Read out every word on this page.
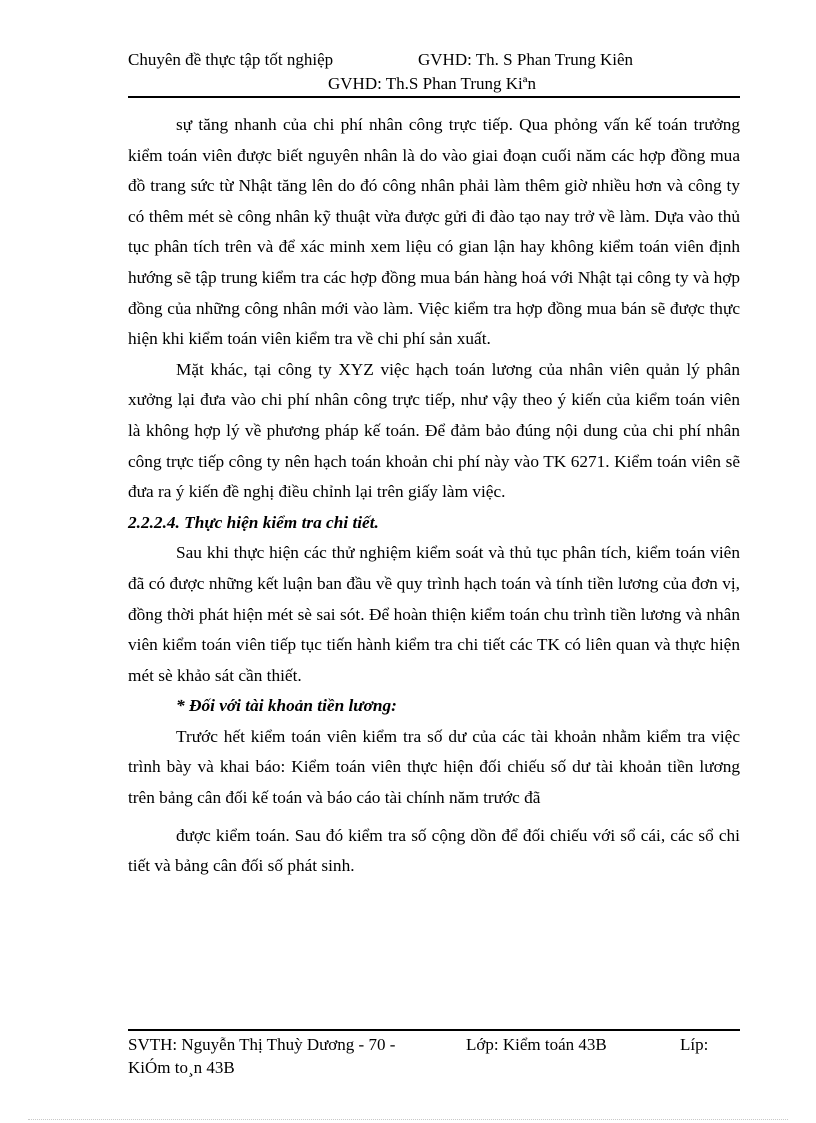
Chuyên đề thực tập tốt nghiệp	GVHD: Th. S Phan Trung Kiên
GVHD: Th.S Phan Trung Kiªn

sự tăng nhanh của chi phí nhân công trực tiếp. Qua phỏng vấn kế toán trưởng kiểm toán viên được biết nguyên nhân là do vào giai đoạn cuối năm các hợp đồng mua đồ trang sức từ Nhật tăng lên do đó công nhân phải làm thêm giờ nhiều hơn và công ty có thêm mét sè công nhân kỹ thuật vừa được gửi đi đào tạo nay trở về làm. Dựa vào thủ tục phân tích trên và để xác minh xem liệu có gian lận hay không kiểm toán viên định hướng sẽ tập trung kiểm tra các hợp đồng mua bán hàng hoá với Nhật tại công ty và hợp đồng của những công nhân mới vào làm. Việc kiểm tra hợp đồng mua bán sẽ được thực hiện khi kiểm toán viên kiểm tra về chi phí sản xuất.

Mặt khác, tại công ty XYZ việc hạch toán lương của nhân viên quản lý phân xưởng lại đưa vào chi phí nhân công trực tiếp, như vậy theo ý kiến của kiểm toán viên là không hợp lý về phương pháp kế toán. Để đảm bảo đúng nội dung của chi phí nhân công trực tiếp công ty nên hạch toán khoản chi phí này vào TK 6271. Kiểm toán viên sẽ đưa ra ý kiến đề nghị điều chỉnh lại trên giấy làm việc.

2.2.2.4. Thực hiện kiểm tra chi tiết.

Sau khi thực hiện các thử nghiệm kiểm soát và thủ tục phân tích, kiểm toán viên đã có được những kết luận ban đầu về quy trình hạch toán và tính tiền lương của đơn vị, đồng thời phát hiện mét sè sai sót. Để hoàn thiện kiểm toán chu trình tiền lương và nhân viên kiểm toán viên tiếp tục tiến hành kiểm tra chi tiết các TK có liên quan và thực hiện mét sè khảo sát cần thiết.

* Đối với tài khoản tiền lương:

Trước hết kiểm toán viên kiểm tra số dư của các tài khoản nhằm kiểm tra việc trình bày và khai báo: Kiểm toán viên thực hiện đối chiếu số dư tài khoản tiền lương trên bảng cân đối kế toán và báo cáo tài chính năm trước đã

được kiểm toán. Sau đó kiểm tra số cộng dồn để đối chiếu với sổ cái, các sổ chi tiết và bảng cân đối số phát sinh.

SVTH: Nguyễn Thị Thuỳ Dương - 70 -	Lớp: Kiểm toán 43B	Líp:
KiÓm to¸n 43B
